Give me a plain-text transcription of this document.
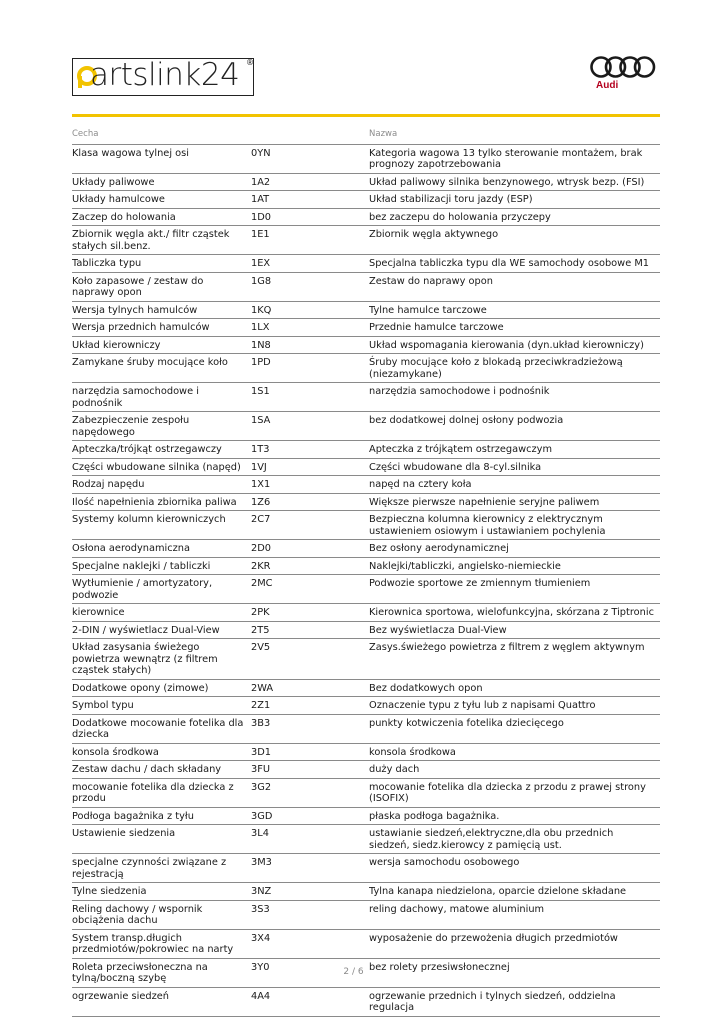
artslink24 ®
Audi
Cecha		Nazwa
Klasa wagowa tylnej osi	0YN	Kategoria wagowa 13 tylko sterowanie montażem, brak prognozy zapotrzebowania
Układy paliwowe	1A2	Układ paliwowy silnika benzynowego, wtrysk bezp. (FSI)
Układy hamulcowe	1AT	Układ stabilizacji toru jazdy (ESP)
Zaczep do holowania	1D0	bez zaczepu do holowania przyczepy
Zbiornik węgla akt./ filtr cząstek stałych sil.benz.	1E1	Zbiornik węgla aktywnego
Tabliczka typu	1EX	Specjalna tabliczka typu dla WE samochody osobowe M1
Koło zapasowe / zestaw do naprawy opon	1G8	Zestaw do naprawy opon
Wersja tylnych hamulców	1KQ	Tylne hamulce tarczowe
Wersja przednich hamulców	1LX	Przednie hamulce tarczowe
Układ kierowniczy	1N8	Układ wspomagania kierowania (dyn.układ kierowniczy)
Zamykane śruby mocujące koło	1PD	Śruby mocujące koło z blokadą przeciwkradzieżową (niezamykane)
narzędzia samochodowe i podnośnik	1S1	narzędzia samochodowe i podnośnik
Zabezpieczenie zespołu napędowego	1SA	bez dodatkowej dolnej osłony podwozia
Apteczka/trójkąt ostrzegawczy	1T3	Apteczka z trójkątem ostrzegawczym
Części wbudowane silnika (napęd)	1VJ	Części wbudowane dla 8-cyl.silnika
Rodzaj napędu	1X1	napęd na cztery koła
Ilość napełnienia zbiornika paliwa	1Z6	Większe pierwsze napełnienie seryjne paliwem
Systemy kolumn kierowniczych	2C7	Bezpieczna kolumna kierownicy z elektrycznym ustawieniem osiowym i ustawianiem pochylenia
Osłona aerodynamiczna	2D0	Bez osłony aerodynamicznej
Specjalne naklejki / tabliczki	2KR	Naklejki/tabliczki, angielsko-niemieckie
Wytłumienie / amortyzatory, podwozie	2MC	Podwozie sportowe ze zmiennym tłumieniem
kierownice	2PK	Kierownica sportowa, wielofunkcyjna, skórzana z Tiptronic
2-DIN / wyświetlacz Dual-View	2T5	Bez wyświetlacza Dual-View
Układ zasysania świeżego powietrza wewnątrz (z filtrem cząstek stałych)	2V5	Zasys.świeżego powietrza z filtrem z węglem aktywnym
Dodatkowe opony (zimowe)	2WA	Bez dodatkowych opon
Symbol typu	2Z1	Oznaczenie typu z tyłu lub z napisami Quattro
Dodatkowe mocowanie fotelika dla dziecka	3B3	punkty kotwiczenia fotelika dziecięcego
konsola środkowa	3D1	konsola środkowa
Zestaw dachu / dach składany	3FU	duży dach
mocowanie fotelika dla dziecka z przodu	3G2	mocowanie fotelika dla dziecka z przodu z prawej strony (ISOFIX)
Podłoga bagażnika z tyłu	3GD	płaska podłoga bagażnika.
Ustawienie siedzenia	3L4	ustawianie siedzeń,elektryczne,dla obu przednich siedzeń, siedz.kierowcy z pamięcią ust.
specjalne czynności związane z rejestracją	3M3	wersja samochodu osobowego
Tylne siedzenia	3NZ	Tylna kanapa niedzielona, oparcie dzielone składane
Reling dachowy / wspornik obciążenia dachu	3S3	reling dachowy, matowe aluminium
System transp.długich przedmiotów/pokrowiec na narty	3X4	wyposażenie do przewożenia długich przedmiotów
Roleta przeciwsłoneczna na tylną/boczną szybę	3Y0	bez rolety przesiwsłonecznej
ogrzewanie siedzeń	4A4	ogrzewanie przednich i tylnych siedzeń, oddzielna regulacja
2 / 6
